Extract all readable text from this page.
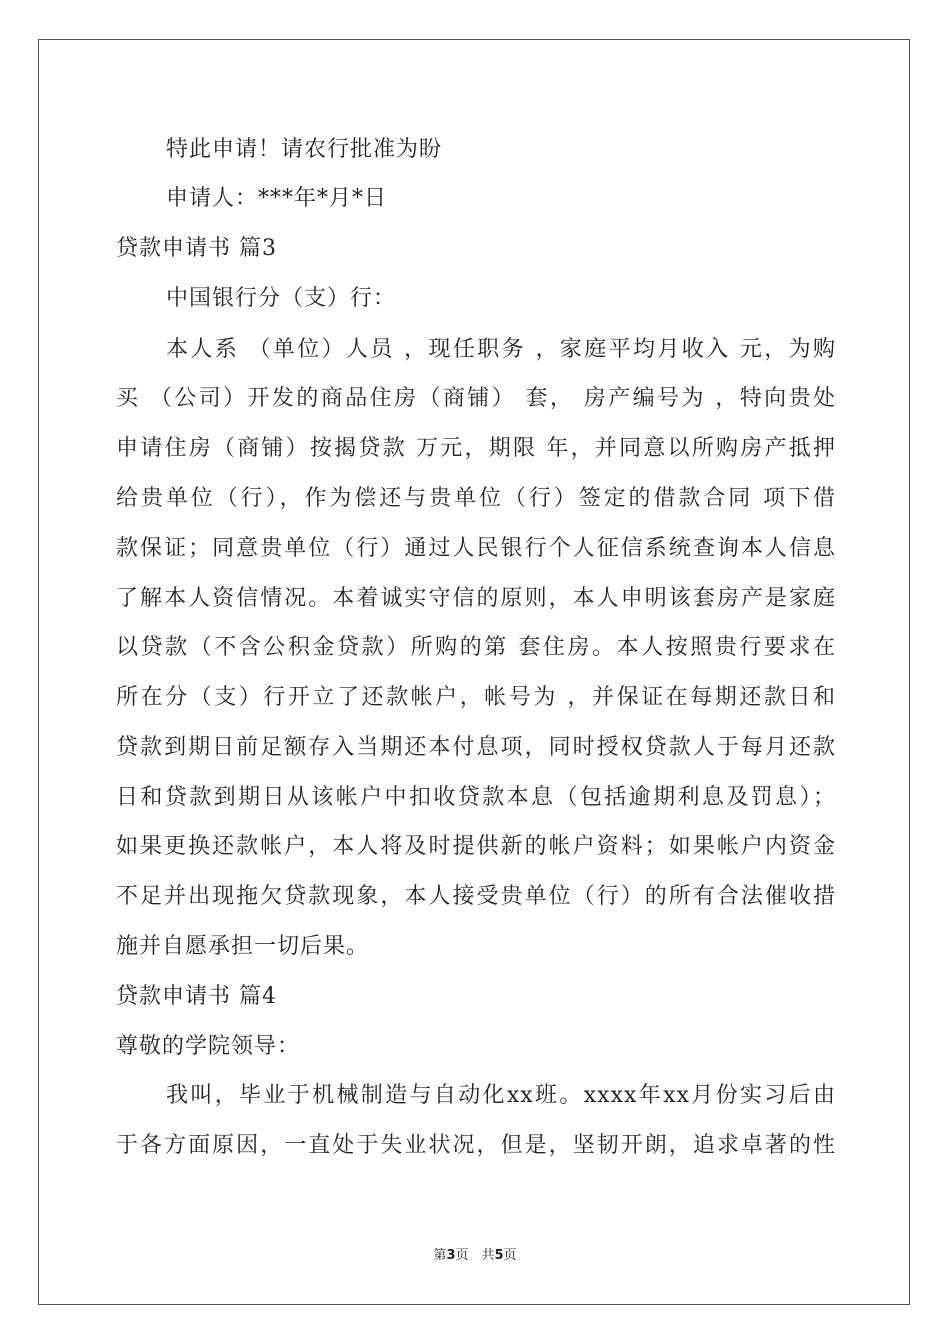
特此申请！请农行批准为盼
申请人：***年*月*日
贷款申请书 篇3
中国银行分（支）行：
本人系 （单位）人员 ，现任职务 ，家庭平均月收入 元，为购
买 （公司）开发的商品住房（商铺） 套， 房产编号为 ，特向贵处
申请住房（商铺）按揭贷款 万元，期限 年，并同意以所购房产抵押
给贵单位（行），作为偿还与贵单位（行）签定的借款合同 项下借
款保证；同意贵单位（行）通过人民银行个人征信系统查询本人信息
了解本人资信情况。本着诚实守信的原则，本人申明该套房产是家庭
以贷款（不含公积金贷款）所购的第 套住房。本人按照贵行要求在
所在分（支）行开立了还款帐户，帐号为 ，并保证在每期还款日和
贷款到期日前足额存入当期还本付息项，同时授权贷款人于每月还款
日和贷款到期日从该帐户中扣收贷款本息（包括逾期利息及罚息）；
如果更换还款帐户，本人将及时提供新的帐户资料；如果帐户内资金
不足并出现拖欠贷款现象，本人接受贵单位（行）的所有合法催收措
施并自愿承担一切后果。
贷款申请书 篇4
尊敬的学院领导：
我叫，毕业于机械制造与自动化xx班。xxxx年xx月份实习后由
于各方面原因，一直处于失业状况，但是，坚韧开朗，追求卓著的性
第3页　共5页
